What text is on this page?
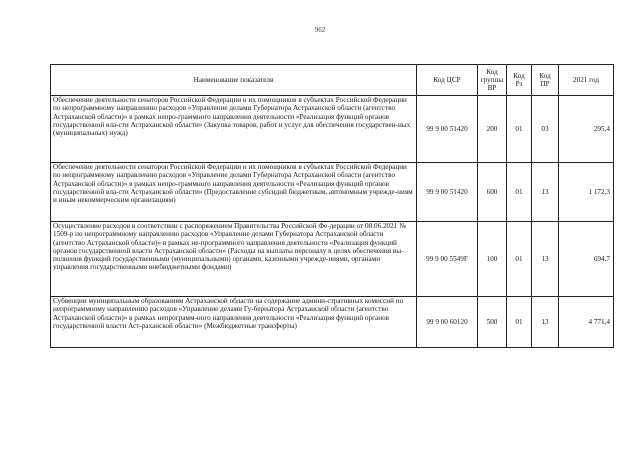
962
Наименование показателя	Код ЦСР	Код группы ВР	Код Рз	Код ПР	2021 год
Обеспечение деятельности сенаторов Российской Федерации и их помощников в субъектах Российской Федерации по непрограммному направлению расходов «Управление делами Губернатора Астраханской области (агентство Астраханской области)» в рамках непро-граммного направления деятельности «Реализация функций органов государственной вла-сти Астраханской области» (Закупка товаров, работ и услуг для обеспечения государствен-ных (муниципальных) нужд)	99 9 00 51420	200	01	03	295,4
Обеспечение деятельности сенаторов Российской Федерации и их помощников в субъектах Российской Федерации по непрограммному направлению расходов «Управление делами Губернатора Астраханской области (агентство Астраханской области)» в рамках непро-граммного направления деятельности «Реализация функций органов государственной вла-сти Астраханской области» (Предоставление субсидий бюджетным, автономным учрежде-ниям и иным некоммерческим организациям)	99 9 00 51420	600	01	13	1 172,3
Осуществление расходов в соответствии с распоряжением Правительства Российской Фе-дерации от 08.06.2021 № 1509-р по непрограммному направлению расходов «Управление делами Губернатора Астраханской области (агентство Астраханской области)» в рамках не-программного направления деятельности «Реализация функций органов государственной власти Астраханской области» (Расходы на выплаты персоналу в целях обеспечения вы-полнения функций государственными (муниципальными) органами, казенными учрежде-ниями, органами управления государственными внебюджетными фондами)	99 9 00 5549F	100	01	13	694,7
Субвенции муниципальным образованиям Астраханской области на содержание админи-стративных комиссий по непрограммному направлению расходов «Управление делами Гу-бернатора Астраханской области (агентство Астраханской области)» в рамках непрограмм-ного направления деятельности «Реализация функций органов государственной власти Аст-раханской области» (Межбюджетные трансферты)	99 9 00 60120	500	01	13	4 771,4
